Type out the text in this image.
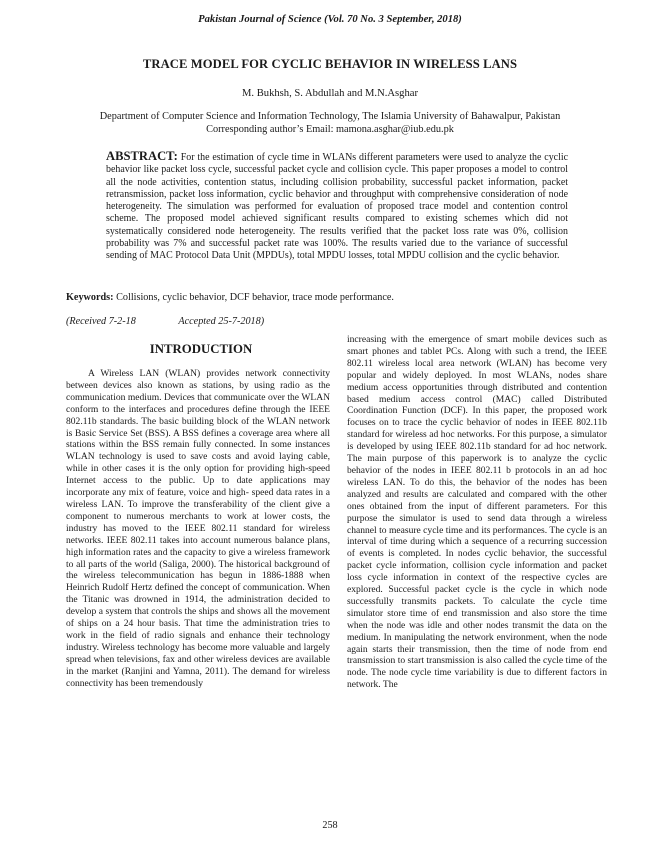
Pakistan Journal of Science (Vol. 70 No. 3 September, 2018)
TRACE MODEL FOR CYCLIC BEHAVIOR IN WIRELESS LANS
M. Bukhsh, S. Abdullah and M.N.Asghar
Department of Computer Science and Information Technology, The Islamia University of Bahawalpur, Pakistan
Corresponding author’s Email: mamona.asghar@iub.edu.pk
ABSTRACT: For the estimation of cycle time in WLANs different parameters were used to analyze the cyclic behavior like packet loss cycle, successful packet cycle and collision cycle. This paper proposes a model to control all the node activities, contention status, including collision probability, successful packet information, packet retransmission, packet loss information, cyclic behavior and throughput with comprehensive consideration of node heterogeneity. The simulation was performed for evaluation of proposed trace model and contention control scheme. The proposed model achieved significant results compared to existing schemes which did not systematically considered node heterogeneity. The results verified that the packet loss rate was 0%, collision probability was 7% and successful packet rate was 100%. The results varied due to the variance of successful sending of MAC Protocol Data Unit (MPDUs), total MPDU losses, total MPDU collision and the cyclic behavior.
Keywords: Collisions, cyclic behavior, DCF behavior, trace mode performance.
(Received 7-2-18	Accepted 25-7-2018)
INTRODUCTION
A Wireless LAN (WLAN) provides network connectivity between devices also known as stations, by using radio as the communication medium. Devices that communicate over the WLAN conform to the interfaces and procedures define through the IEEE 802.11b standards. The basic building block of the WLAN network is Basic Service Set (BSS). A BSS defines a coverage area where all stations within the BSS remain fully connected. In some instances WLAN technology is used to save costs and avoid laying cable, while in other cases it is the only option for providing high-speed Internet access to the public. Up to date applications may incorporate any mix of feature, voice and high- speed data rates in a wireless LAN. To improve the transferability of the client give a component to numerous merchants to work at lower costs, the industry has moved to the IEEE 802.11 standard for wireless networks. IEEE 802.11 takes into account numerous balance plans, high information rates and the capacity to give a wireless framework to all parts of the world (Saliga, 2000). The historical background of the wireless telecommunication has begun in 1886-1888 when Heinrich Rudolf Hertz defined the concept of communication. When the Titanic was drowned in 1914, the administration decided to develop a system that controls the ships and shows all the movement of ships on a 24 hour basis. That time the administration tries to work in the field of radio signals and enhance their technology industry. Wireless technology has become more valuable and largely spread when televisions, fax and other wireless devices are available in the market (Ranjini and Yamna, 2011). The demand for wireless connectivity has been tremendously
increasing with the emergence of smart mobile devices such as smart phones and tablet PCs. Along with such a trend, the IEEE 802.11 wireless local area network (WLAN) has become very popular and widely deployed. In most WLANs, nodes share medium access opportunities through distributed and contention based medium access control (MAC) called Distributed Coordination Function (DCF). In this paper, the proposed work focuses on to trace the cyclic behavior of nodes in IEEE 802.11b standard for wireless ad hoc networks. For this purpose, a simulator is developed by using IEEE 802.11b standard for ad hoc network. The main purpose of this paperwork is to analyze the cyclic behavior of the nodes in IEEE 802.11 b protocols in an ad hoc wireless LAN. To do this, the behavior of the nodes has been analyzed and results are calculated and compared with the other ones obtained from the input of different parameters. For this purpose the simulator is used to send data through a wireless channel to measure cycle time and its performances. The cycle is an interval of time during which a sequence of a recurring succession of events is completed. In nodes cyclic behavior, the successful packet cycle information, collision cycle information and packet loss cycle information in context of the respective cycles are explored. Successful packet cycle is the cycle in which node successfully transmits packets. To calculate the cycle time simulator store time of end transmission and also store the time when the node was idle and other nodes transmit the data on the medium. In manipulating the network environment, when the node again starts their transmission, then the time of node from end transmission to start transmission is also called the cycle time of the node. The node cycle time variability is due to different factors in network. The
258
